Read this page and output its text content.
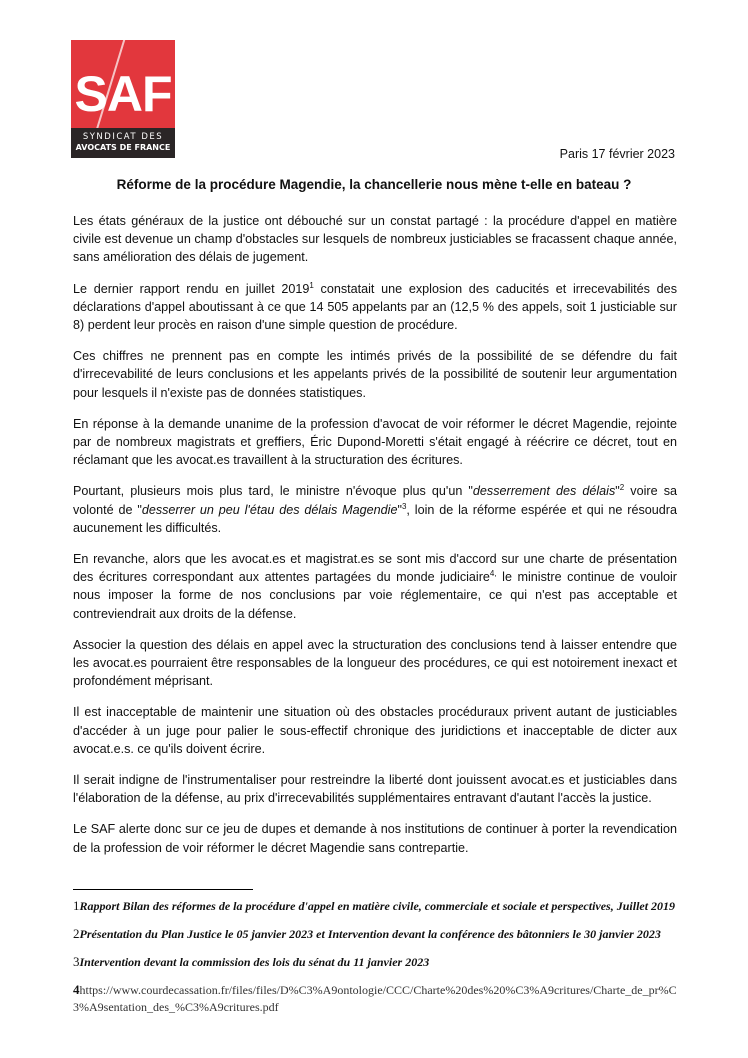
SAF
SYNDICAT DES
AVOCATS DE FRANCE	Paris 17 février 2023
Réforme de la procédure Magendie, la chancellerie nous mène t-elle en bateau ?

Les états généraux de la justice ont débouché sur un constat partagé : la procédure d'appel en matière civile est devenue un champ d'obstacles sur lesquels de nombreux justiciables se fracassent chaque année, sans amélioration des délais de jugement.

Le dernier rapport rendu en juillet 2019$^1$ constatait une explosion des caducités et irrecevabilités des déclarations d'appel aboutissant à ce que 14 505 appelants par an (12,5 % des appels, soit 1 justiciable sur 8) perdent leur procès en raison d'une simple question de procédure.

Ces chiffres ne prennent pas en compte les intimés privés de la possibilité de se défendre du fait d'irrecevabilité de leurs conclusions et les appelants privés de la possibilité de soutenir leur argumentation pour lesquels il n'existe pas de données statistiques.

En réponse à la demande unanime de la profession d'avocat de voir réformer le décret Magendie, rejointe par de nombreux magistrats et greffiers, Éric Dupond-Moretti s'était engagé à réécrire ce décret, tout en réclamant que les avocat.es travaillent à la structuration des écritures.

Pourtant, plusieurs mois plus tard, le ministre n'évoque plus qu'un "desserrement des délais"$^2$ voire sa volonté de "desserrer un peu l'étau des délais Magendie"$^3$, loin de la réforme espérée et qui ne résoudra aucunement les difficultés.

En revanche, alors que les avocat.es et magistrat.es se sont mis d'accord sur une charte de présentation des écritures correspondant aux attentes partagées du monde judiciaire$^{4,}$ le ministre continue de vouloir nous imposer la forme de nos conclusions par voie réglementaire, ce qui n'est pas acceptable et contreviendrait aux droits de la défense.

Associer la question des délais en appel avec la structuration des conclusions tend à laisser entendre que les avocat.es pourraient être responsables de la longueur des procédures, ce qui est notoirement inexact et profondément méprisant.

Il est inacceptable de maintenir une situation où des obstacles procéduraux privent autant de justiciables d'accéder à un juge pour palier le sous-effectif chronique des juridictions et inacceptable de dicter aux avocat.e.s. ce qu'ils doivent écrire.

Il serait indigne de l'instrumentaliser pour restreindre la liberté dont jouissent avocat.es et justiciables dans l'élaboration de la défense, au prix d'irrecevabilités supplémentaires entravant d'autant l'accès la justice.

Le SAF alerte donc sur ce jeu de dupes et demande à nos institutions de continuer à porter la revendication de la profession de voir réformer le décret Magendie sans contrepartie.

1Rapport Bilan des réformes de la procédure d'appel en matière civile, commerciale et sociale et perspectives, Juillet 2019
2Présentation du Plan Justice le 05 janvier 2023 et Intervention devant la conférence des bâtonniers le 30 janvier 2023
3Intervention devant la commission des lois du sénat du 11 janvier 2023
4https://www.courdecassation.fr/files/files/D%C3%A9ontologie/CCC/Charte%20des%20%C3%A9critures/Charte_de_pr%C3%A9sentation_des_%C3%A9critures.pdf
